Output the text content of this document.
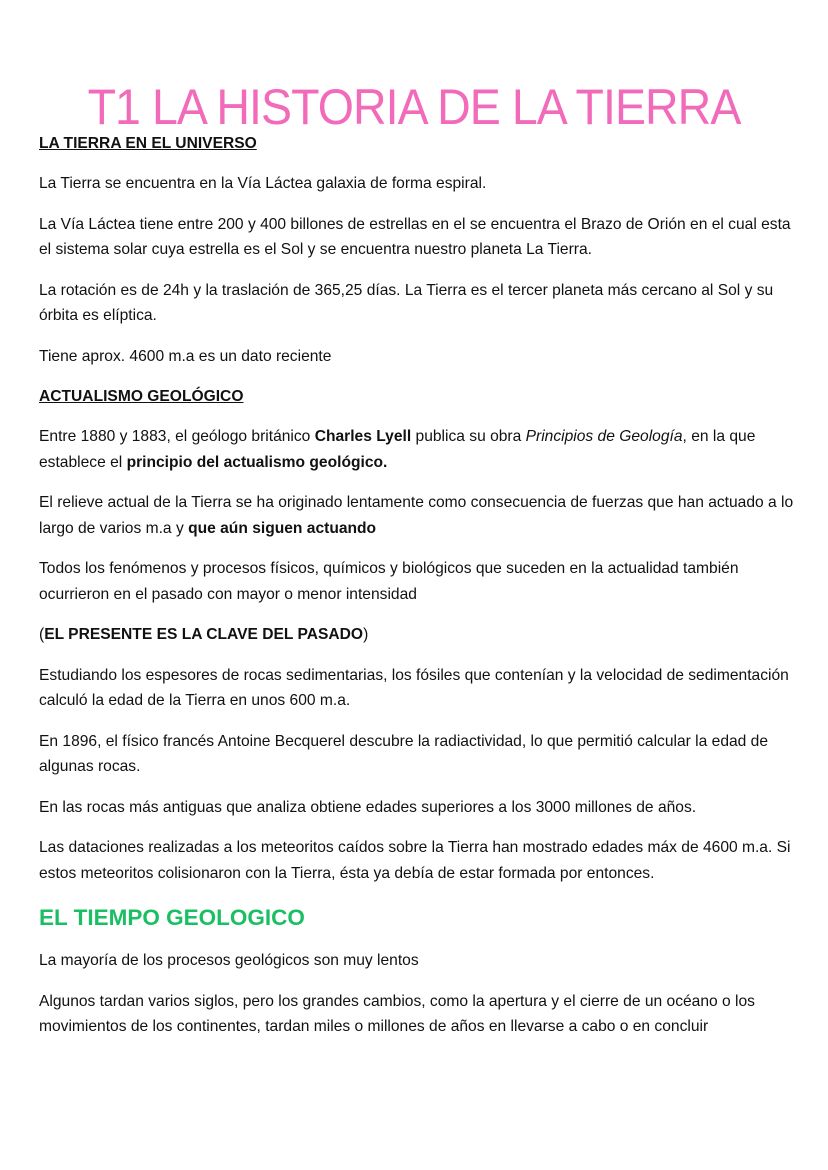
T1 LA HISTORIA DE LA TIERRA
LA TIERRA EN EL UNIVERSO

La Tierra se encuentra en la Vía Láctea galaxia de forma espiral.

La Vía Láctea tiene entre 200 y 400 billones de estrellas en el se encuentra el Brazo de Orión en el cual esta el sistema solar cuya estrella es el Sol y se encuentra nuestro planeta La Tierra.

La rotación es de 24h y la traslación de 365,25 días. La Tierra es el tercer planeta más cercano al Sol y su órbita es elíptica.

Tiene aprox. 4600 m.a es un dato reciente

ACTUALISMO GEOLÓGICO

Entre 1880 y 1883, el geólogo británico Charles Lyell publica su obra Principios de Geología, en la que establece el principio del actualismo geológico.

El relieve actual de la Tierra se ha originado lentamente como consecuencia de fuerzas que han actuado a lo largo de varios m.a y que aún siguen actuando

Todos los fenómenos y procesos físicos, químicos y biológicos que suceden en la actualidad también ocurrieron en el pasado con mayor o menor intensidad

(EL PRESENTE ES LA CLAVE DEL PASADO)

Estudiando los espesores de rocas sedimentarias, los fósiles que contenían y la velocidad de sedimentación calculó la edad de la Tierra en unos 600 m.a.

En 1896, el físico francés Antoine Becquerel descubre la radiactividad, lo que permitió calcular la edad de algunas rocas.

En las rocas más antiguas que analiza obtiene edades superiores a los 3000 millones de años.

Las dataciones realizadas a los meteoritos caídos sobre la Tierra han mostrado edades máx de 4600 m.a. Si estos meteoritos colisionaron con la Tierra, ésta ya debía de estar formada por entonces.

EL TIEMPO GEOLOGICO

La mayoría de los procesos geológicos son muy lentos

Algunos tardan varios siglos, pero los grandes cambios, como la apertura y el cierre de un océano o los movimientos de los continentes, tardan miles o millones de años en llevarse a cabo o en concluir
